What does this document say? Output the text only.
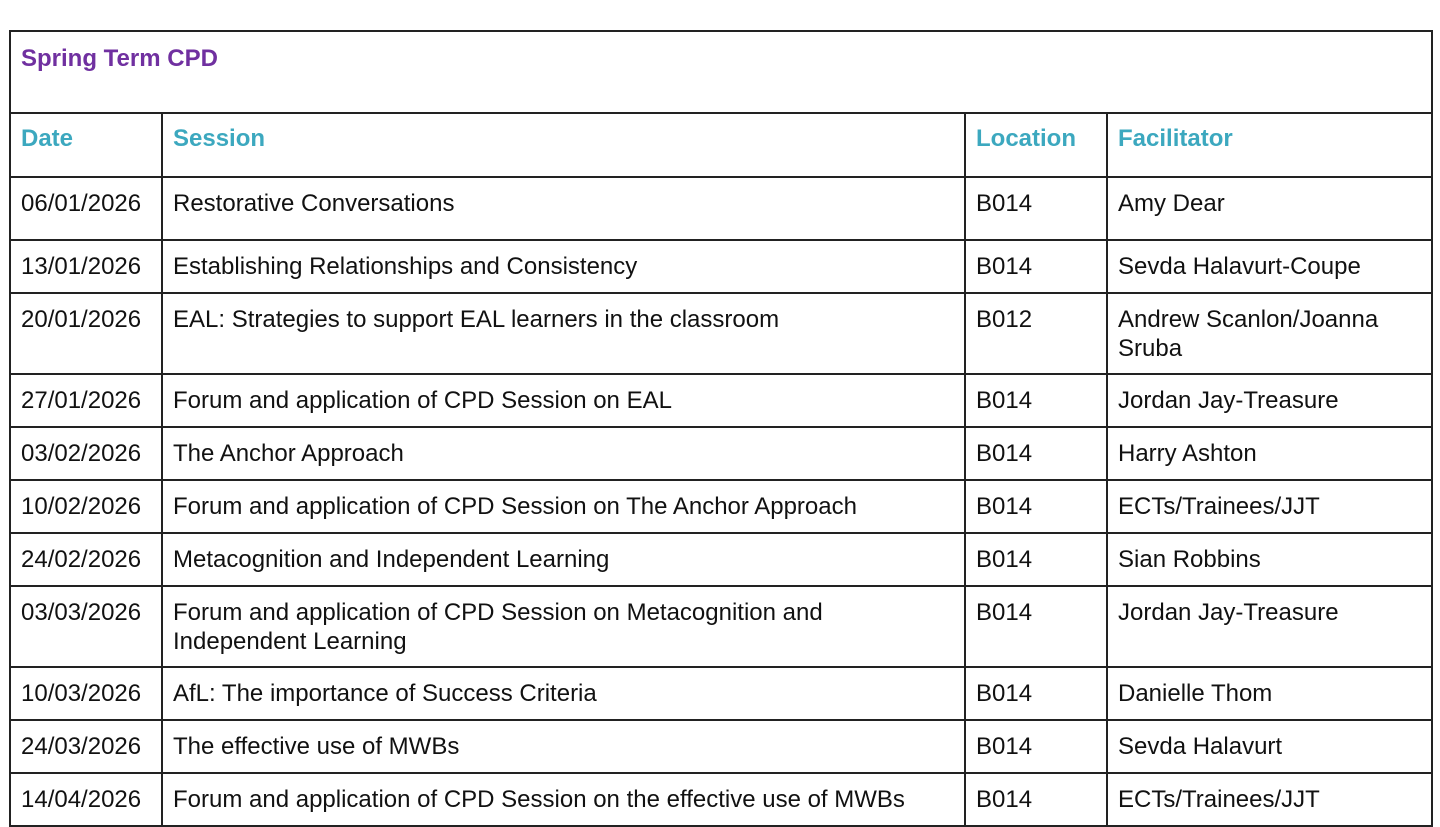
Spring Term CPD			
Date	Session	Location	Facilitator
06/01/2026	Restorative Conversations	B014	Amy Dear
13/01/2026	Establishing Relationships and Consistency	B014	Sevda Halavurt-Coupe
20/01/2026	EAL: Strategies to support EAL learners in the classroom	B012	Andrew Scanlon/Joanna Sruba
27/01/2026	Forum and application of CPD Session on EAL	B014	Jordan Jay-Treasure
03/02/2026	The Anchor Approach	B014	Harry Ashton
10/02/2026	Forum and application of CPD Session on The Anchor Approach	B014	ECTs/Trainees/JJT
24/02/2026	Metacognition and Independent Learning	B014	Sian Robbins
03/03/2026	Forum and application of CPD Session on Metacognition and Independent Learning	B014	Jordan Jay-Treasure
10/03/2026	AfL: The importance of Success Criteria	B014	Danielle Thom
24/03/2026	The effective use of MWBs	B014	Sevda Halavurt
14/04/2026	Forum and application of CPD Session on the effective use of MWBs	B014	ECTs/Trainees/JJT
